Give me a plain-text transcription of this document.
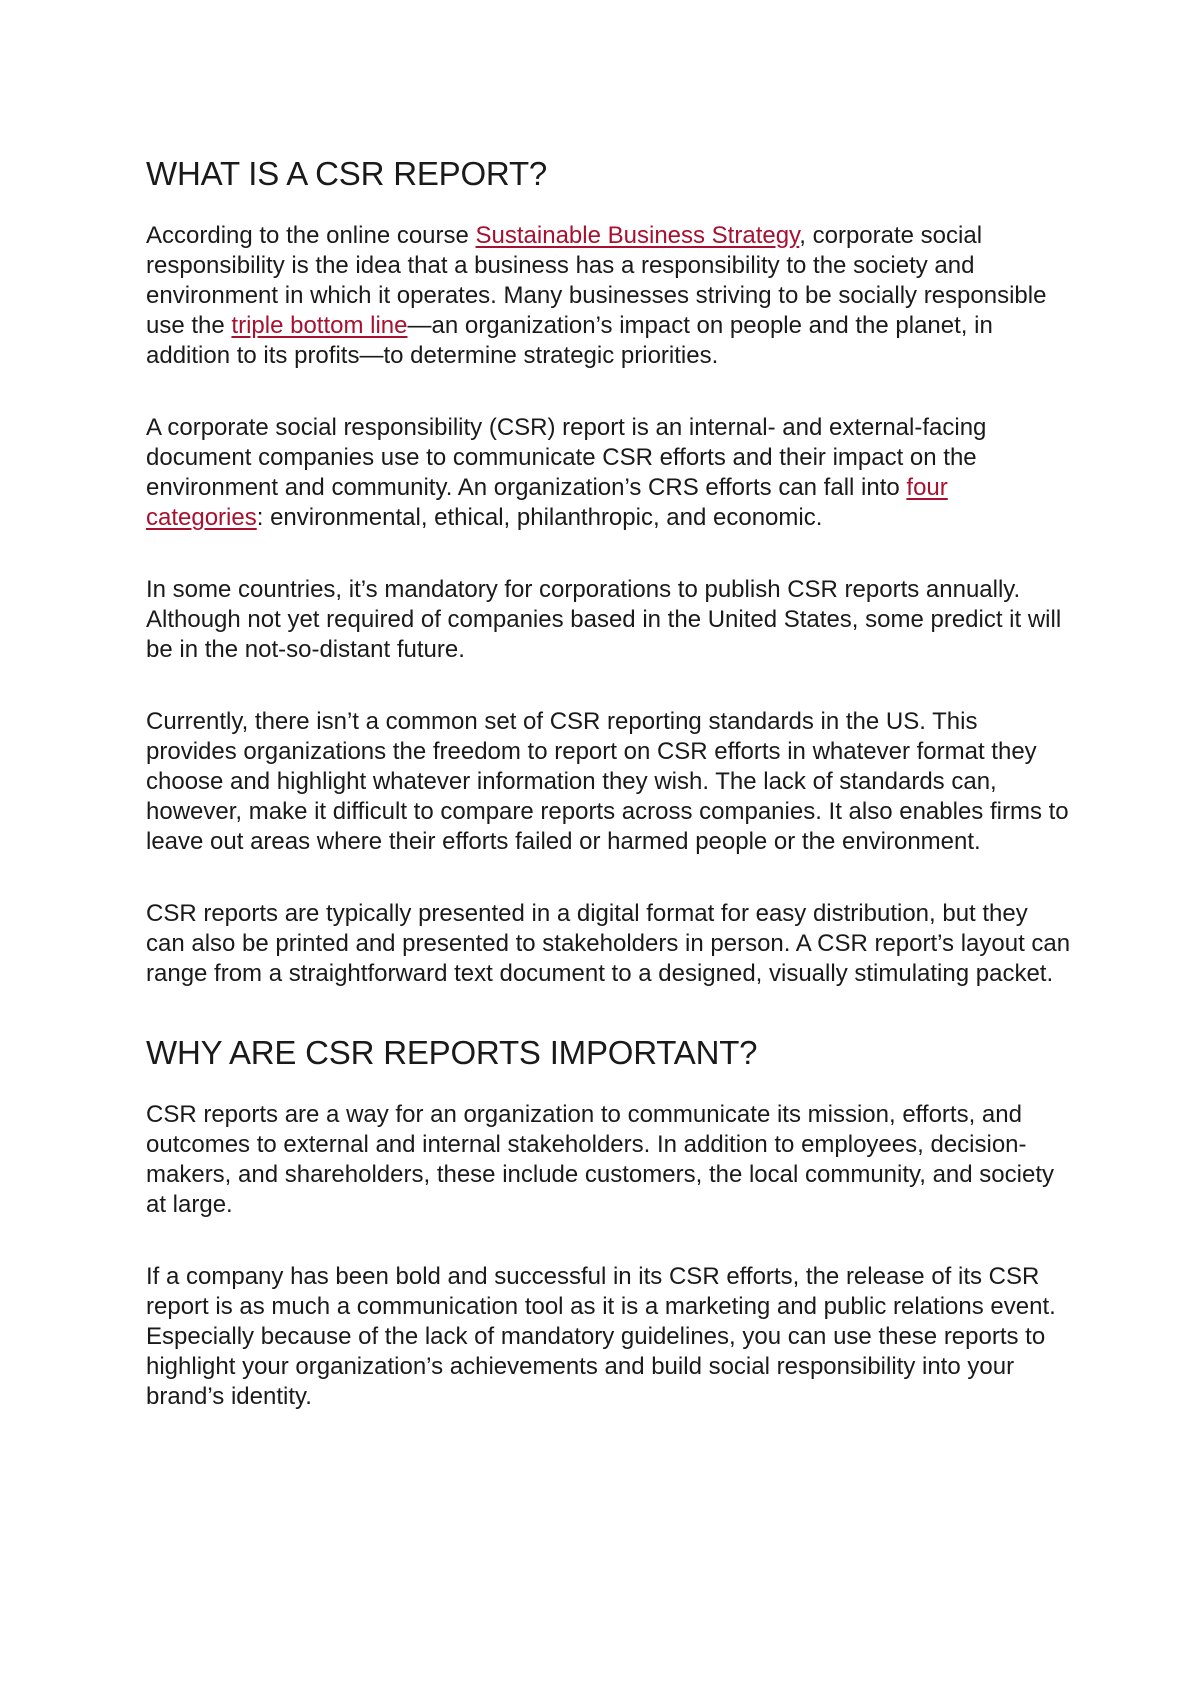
WHAT IS A CSR REPORT?

According to the online course Sustainable Business Strategy, corporate social responsibility is the idea that a business has a responsibility to the society and environment in which it operates. Many businesses striving to be socially responsible use the triple bottom line—an organization’s impact on people and the planet, in addition to its profits—to determine strategic priorities.

A corporate social responsibility (CSR) report is an internal- and external-facing document companies use to communicate CSR efforts and their impact on the environment and community. An organization’s CRS efforts can fall into four categories: environmental, ethical, philanthropic, and economic.

In some countries, it’s mandatory for corporations to publish CSR reports annually. Although not yet required of companies based in the United States, some predict it will be in the not-so-distant future.

Currently, there isn’t a common set of CSR reporting standards in the US. This provides organizations the freedom to report on CSR efforts in whatever format they choose and highlight whatever information they wish. The lack of standards can, however, make it difficult to compare reports across companies. It also enables firms to leave out areas where their efforts failed or harmed people or the environment.

CSR reports are typically presented in a digital format for easy distribution, but they can also be printed and presented to stakeholders in person. A CSR report’s layout can range from a straightforward text document to a designed, visually stimulating packet.

WHY ARE CSR REPORTS IMPORTANT?

CSR reports are a way for an organization to communicate its mission, efforts, and outcomes to external and internal stakeholders. In addition to employees, decision-makers, and shareholders, these include customers, the local community, and society at large.

If a company has been bold and successful in its CSR efforts, the release of its CSR report is as much a communication tool as it is a marketing and public relations event. Especially because of the lack of mandatory guidelines, you can use these reports to highlight your organization’s achievements and build social responsibility into your brand’s identity.
